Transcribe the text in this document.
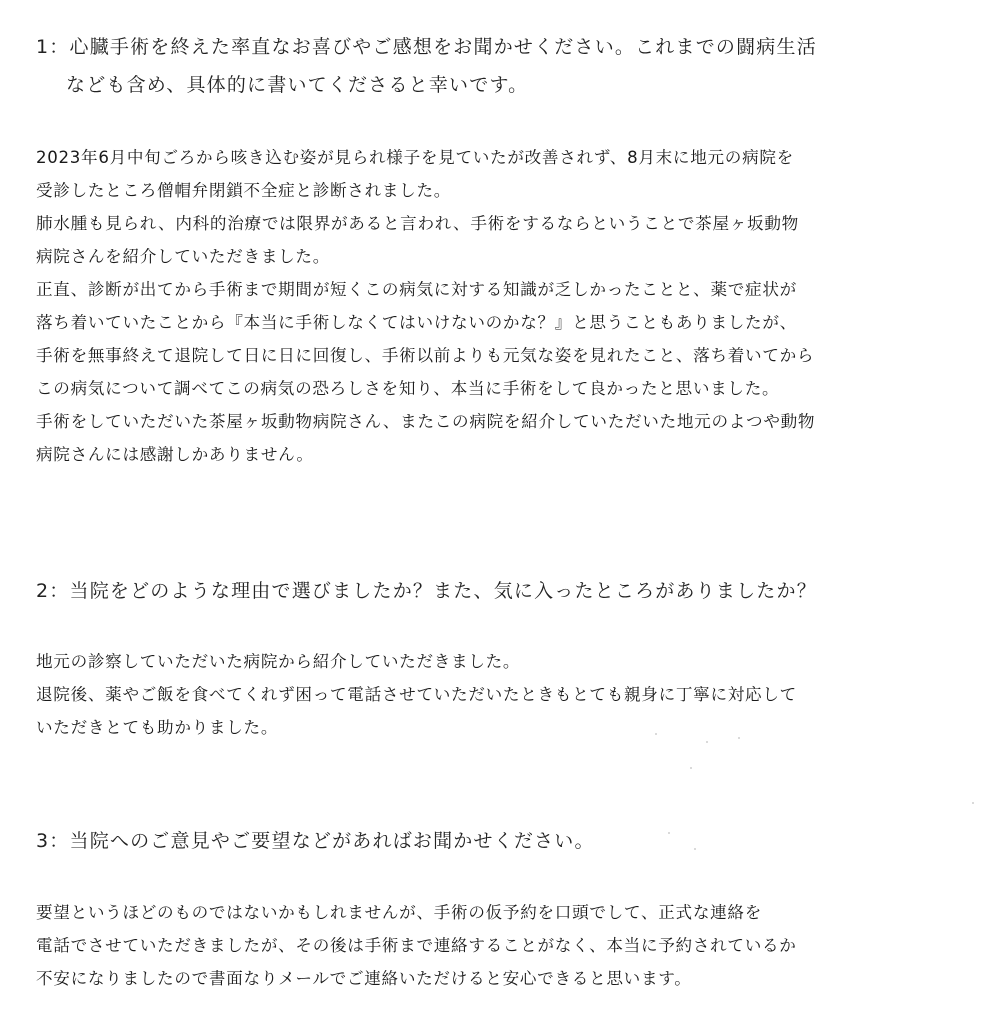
1：心臓手術を終えた率直なお喜びやご感想をお聞かせください。これまでの闘病生活
なども含め、具体的に書いてくださると幸いです。
2023年6月中旬ごろから咳き込む姿が見られ様子を見ていたが改善されず、8月末に地元の病院を
受診したところ僧帽弁閉鎖不全症と診断されました。
肺水腫も見られ、内科的治療では限界があると言われ、手術をするならということで茶屋ヶ坂動物
病院さんを紹介していただきました。
正直、診断が出てから手術まで期間が短くこの病気に対する知識が乏しかったことと、薬で症状が
落ち着いていたことから『本当に手術しなくてはいけないのかな？』と思うこともありましたが、
手術を無事終えて退院して日に日に回復し、手術以前よりも元気な姿を見れたこと、落ち着いてから
この病気について調べてこの病気の恐ろしさを知り、本当に手術をして良かったと思いました。
手術をしていただいた茶屋ヶ坂動物病院さん、またこの病院を紹介していただいた地元のよつや動物
病院さんには感謝しかありません。
2：当院をどのような理由で選びましたか？また、気に入ったところがありましたか？
地元の診察していただいた病院から紹介していただきました。
退院後、薬やご飯を食べてくれず困って電話させていただいたときもとても親身に丁寧に対応して
いただきとても助かりました。
3：当院へのご意見やご要望などがあればお聞かせください。
要望というほどのものではないかもしれませんが、手術の仮予約を口頭でして、正式な連絡を
電話でさせていただきましたが、その後は手術まで連絡することがなく、本当に予約されているか
不安になりましたので書面なりメールでご連絡いただけると安心できると思います。
